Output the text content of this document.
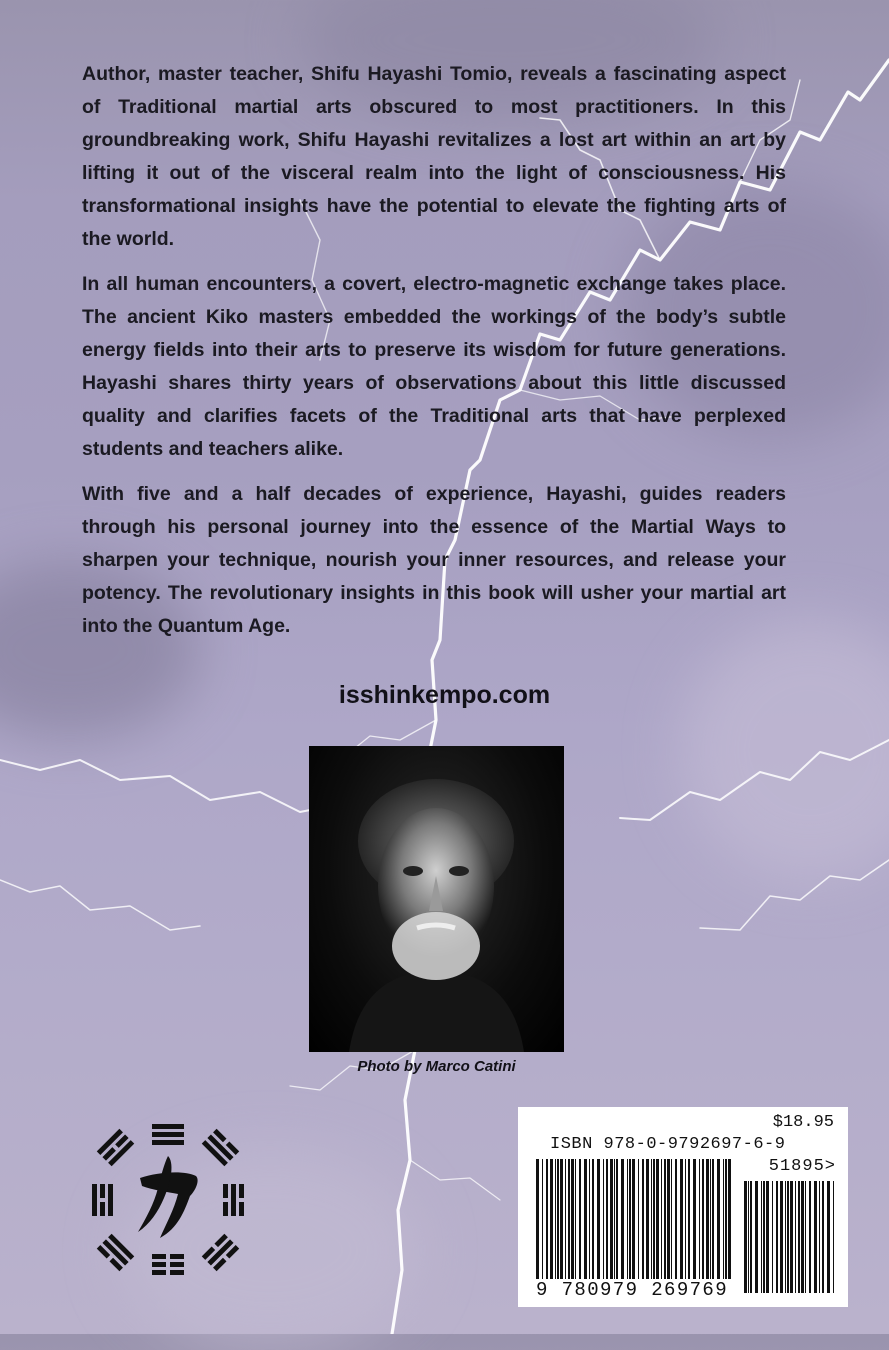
Author, master teacher, Shifu Hayashi Tomio, reveals a fascinating aspect of Traditional martial arts obscured to most practitioners. In this groundbreaking work, Shifu Hayashi revitalizes a lost art within an art by lifting it out of the visceral realm into the light of consciousness. His transformational insights have the potential to elevate the fighting arts of the world.

In all human encounters, a covert, electro-magnetic exchange takes place. The ancient Kiko masters embedded the workings of the body’s subtle energy fields into their arts to preserve its wisdom for future generations. Hayashi shares thirty years of observations about this little discussed quality and clarifies facets of the Traditional arts that have perplexed students and teachers alike.

With five and a half decades of experience, Hayashi, guides readers through his personal journey into the essence of the Martial Ways to sharpen your technique, nourish your inner resources, and release your potency. The revolutionary insights in this book will usher your martial art into the Quantum Age.

isshinkempo.com
Photo by Marco Catini
$18.95
ISBN 978-0-9792697-6-9
51895>
9 780979 269769
